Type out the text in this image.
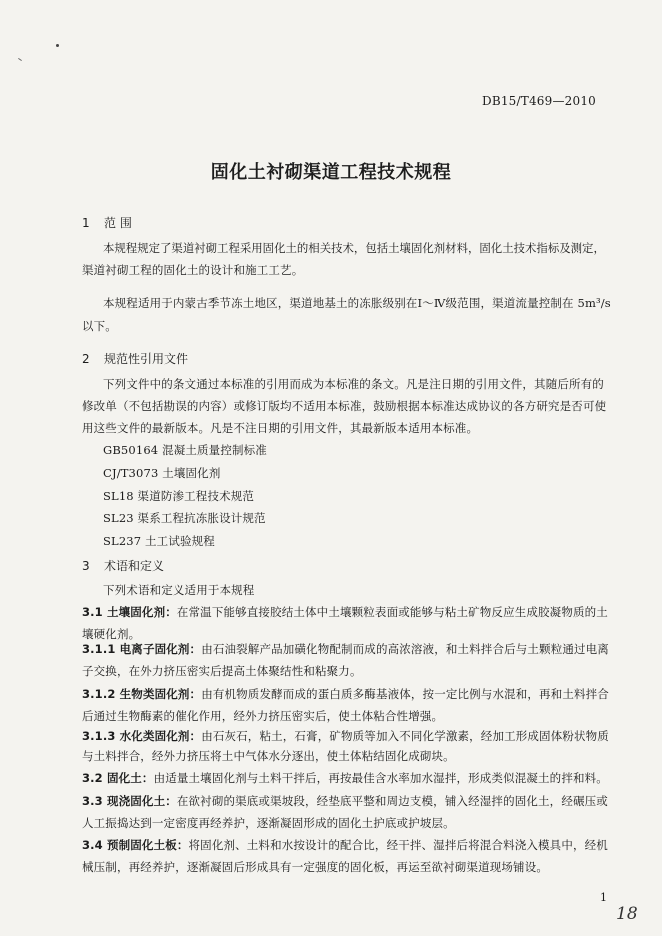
DB15/T469—2010
固化土衬砌渠道工程技术规程
1 范 围
本规程规定了渠道衬砌工程采用固化土的相关技术，包括土壤固化剂材料，固化土技术指标及测定，
渠道衬砌工程的固化土的设计和施工工艺。
本规程适用于内蒙古季节冻土地区，渠道地基土的冻胀级别在Ⅰ～Ⅳ级范围，渠道流量控制在 5m³/s
以下。
2 规范性引用文件
下列文件中的条文通过本标准的引用而成为本标准的条文。凡是注日期的引用文件，其随后所有的
修改单（不包括勘误的内容）或修订版均不适用本标准，鼓励根据本标准达成协议的各方研究是否可使
用这些文件的最新版本。凡是不注日期的引用文件，其最新版本适用本标准。
GB50164 混凝土质量控制标准
CJ/T3073 土壤固化剂
SL18 渠道防渗工程技术规范
SL23 渠系工程抗冻胀设计规范
SL237 土工试验规程
3 术语和定义
下列术语和定义适用于本规程
3.1 土壤固化剂：在常温下能够直接胶结土体中土壤颗粒表面或能够与粘土矿物反应生成胶凝物质的土
壤硬化剂。
3.1.1 电离子固化剂：由石油裂解产品加磺化物配制而成的高浓溶液，和土料拌合后与土颗粒通过电离
子交换，在外力挤压密实后提高土体聚结性和粘聚力。
3.1.2 生物类固化剂：由有机物质发酵而成的蛋白质多酶基液体，按一定比例与水混和，再和土料拌合
后通过生物酶素的催化作用，经外力挤压密实后，使土体粘合性增强。
3.1.3 水化类固化剂：由石灰石，粘土，石膏，矿物质等加入不同化学激素，经加工形成固体粉状物质
与土料拌合，经外力挤压将土中气体水分逐出，使土体粘结固化成砌块。
3.2 固化土：由适量土壤固化剂与土料干拌后，再按最佳含水率加水湿拌，形成类似混凝土的拌和料。
3.3 现浇固化土：在欲衬砌的渠底或渠坡段，经垫底平整和周边支模，铺入经湿拌的固化土，经碾压或
人工振捣达到一定密度再经养护，逐渐凝固形成的固化土护底或护坡层。
3.4 预制固化土板：将固化剂、土料和水按设计的配合比，经干拌、湿拌后将混合料浇入模具中，经机
械压制，再经养护，逐渐凝固后形成具有一定强度的固化板，再运至欲衬砌渠道现场铺设。
1
18
